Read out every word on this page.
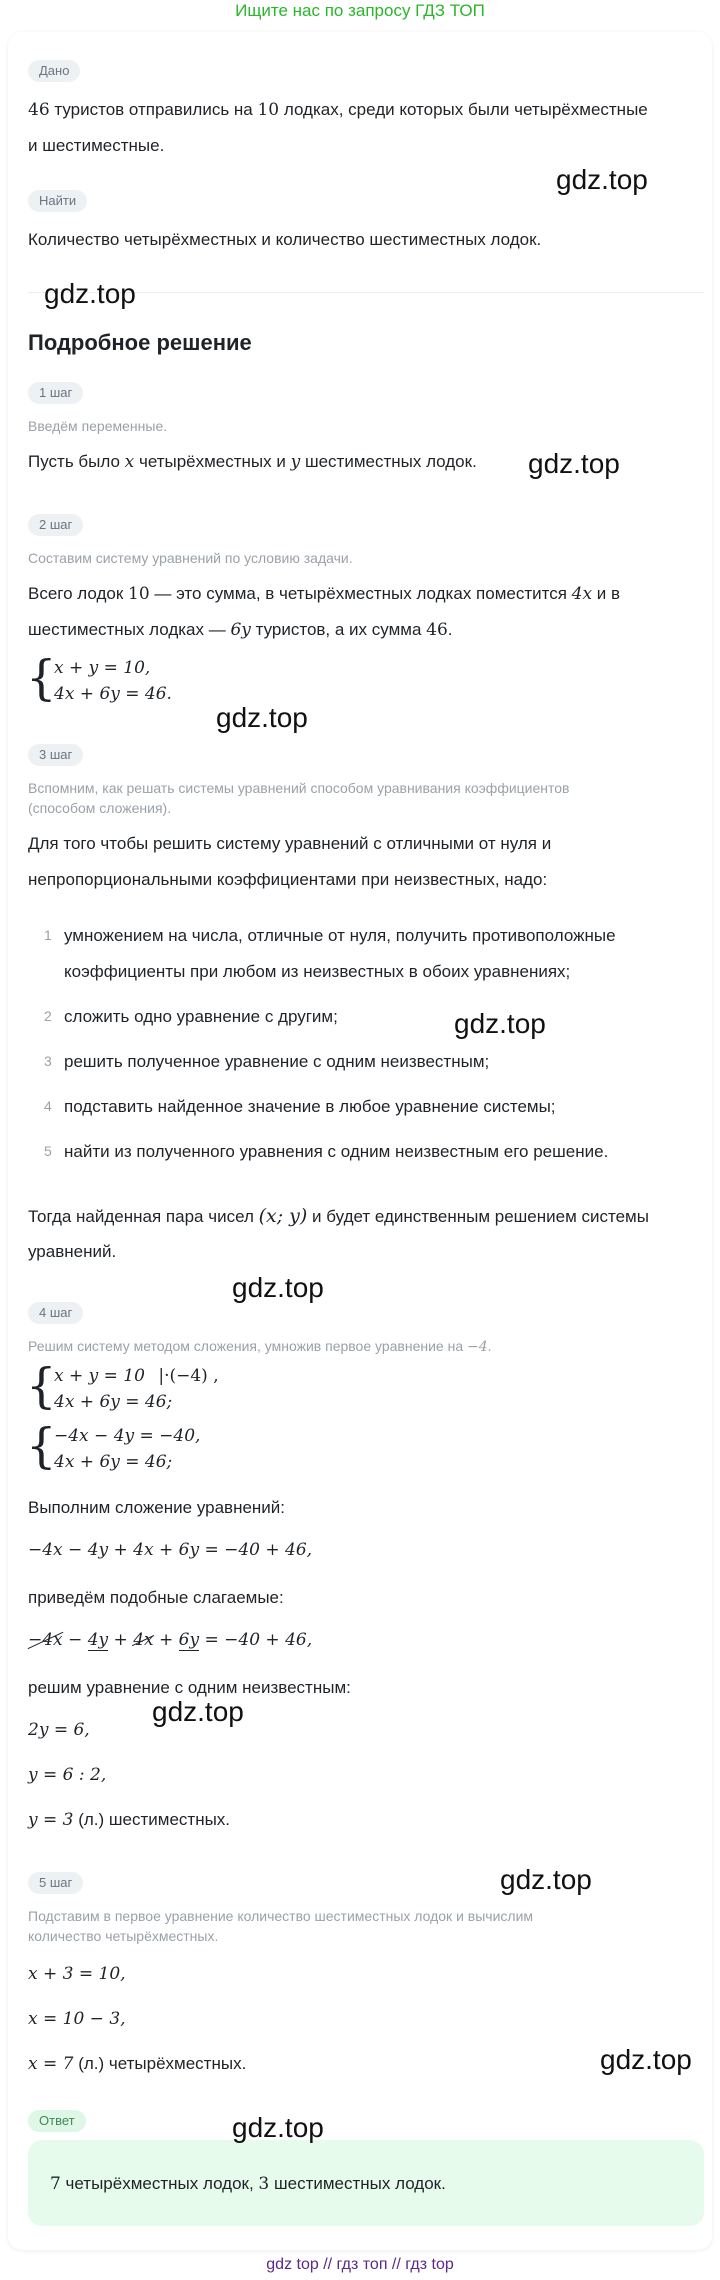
Ищите нас по запросу ГДЗ ТОП
Дано
46 туристов отправились на 10 лодках, среди которых были четырёхместные
и шестиместные.
Найти
Количество четырёхместных и количество шестиместных лодок.
Подробное решение
1 шаг
Введём переменные.
Пусть было x четырёхместных и y шестиместных лодок.
2 шаг
Составим систему уравнений по условию задачи.
Всего лодок 10 — это сумма, в четырёхместных лодках поместится 4x и в
шестиместных лодках — 6y туристов, а их сумма 46.
{
x + y = 10,
4x + 6y = 46.
3 шаг
Вспомним, как решать системы уравнений способом уравнивания коэффициентов
(способом сложения).
Для того чтобы решить систему уравнений с отличными от нуля и
непропорциональными коэффициентами при неизвестных, надо:
1 умножением на числа, отличные от нуля, получить противоположные
коэффициенты при любом из неизвестных в обоих уравнениях;
2 сложить одно уравнение с другим;
3 решить полученное уравнение с одним неизвестным;
4 подставить найденное значение в любое уравнение системы;
5 найти из полученного уравнения с одним неизвестным его решение.
Тогда найденная пара чисел (x; y) и будет единственным решением системы
уравнений.
4 шаг
Решим систему методом сложения, умножив первое уравнение на −4.
{
x + y = 10 |·(−4) ,
4x + 6y = 46;
{
−4x − 4y = −40,
4x + 6y = 46;
Выполним сложение уравнений:
−4x − 4y + 4x + 6y = −40 + 46,
приведём подобные слагаемые:
−4x − 4y + 4x + 6y = −40 + 46,
решим уравнение с одним неизвестным:
2y = 6,
y = 6 : 2,
y = 3 (л.) шестиместных.
5 шаг
Подставим в первое уравнение количество шестиместных лодок и вычислим
количество четырёхместных.
x + 3 = 10,
x = 10 − 3,
x = 7 (л.) четырёхместных.
Ответ
7 четырёхместных лодок, 3 шестиместных лодок.
gdz.top
gdz.top
gdz.top
gdz.top
gdz.top
gdz.top
gdz.top
gdz.top
gdz.top
gdz.top
gdz top // гдз топ // гдз top
